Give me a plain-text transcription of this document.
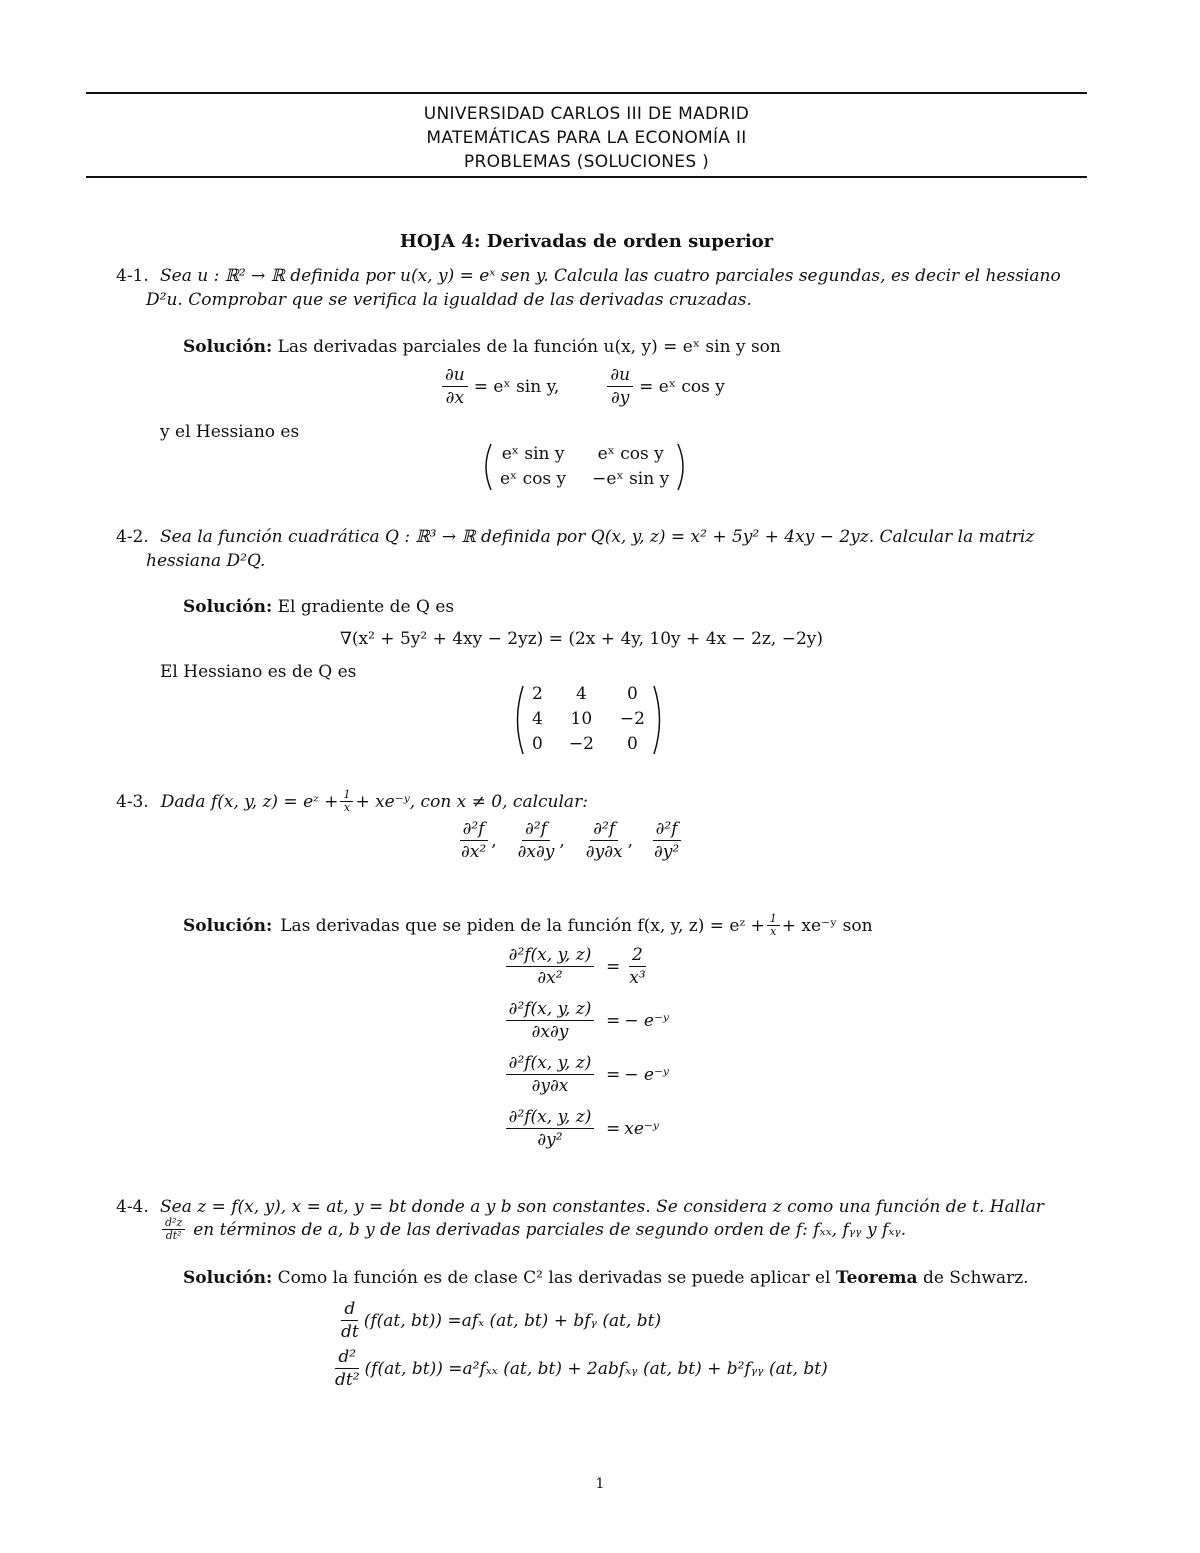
UNIVERSIDAD CARLOS III DE MADRID
MATEMÁTICAS PARA LA ECONOMÍA II
PROBLEMAS (SOLUCIONES )
HOJA 4: Derivadas de orden superior
4-1. Sea u : ℝ² → ℝ definida por u(x, y) = eˣ sen y. Calcula las cuatro parciales segundas, es decir el hessiano
D²u. Comprobar que se verifica la igualdad de las derivadas cruzadas.
Solución: Las derivadas parciales de la función u(x, y) = eˣ sin y son
$\frac{\partial u}{\partial x}$ = eˣ sin y,	$\frac{\partial u}{\partial y}$ = eˣ cos y
y el Hessiano es
eˣ sin y	eˣ cos y
eˣ cos y −eˣ sin y
4-2. Sea la función cuadrática Q : ℝ³ → ℝ definida por Q(x, y, z) = x² + 5y² + 4xy − 2yz. Calcular la matriz
hessiana D²Q.
Solución: El gradiente de Q es
∇(x² + 5y² + 4xy − 2yz) = (2x + 4y, 10y + 4x − 2z, −2y)
El Hessiano es de Q es
2	4	0
4 10 −2
0 −2	0
4-3. Dada f(x, y, z) = eᶻ + $\frac{1}{x}$ + xe⁻ʸ, con x ≠ 0, calcular:
$\frac{\text{∂²f}}{\text{∂x²}}$ , $\frac{\text{∂²f}}{\partial x\partial y}$ , $\frac{\text{∂²f}}{\partial y\partial x}$ , $\frac{\text{∂²f}}{\text{∂y²}}$
Solución: Las derivadas que se piden de la función f(x, y, z) = eᶻ + $\frac{1}{x}$ + xe⁻ʸ son
$\frac{\text{∂²f(x, y, z)}}{\text{∂x²}} = \frac{2}{\text{x³}}$
$\frac{\text{∂²f(x, y, z)}}{\partial x\partial y}$ = − e⁻ʸ
$\frac{\text{∂²f(x, y, z)}}{\partial y\partial x}$ = − e⁻ʸ
$\frac{\text{∂²f(x, y, z)}}{\text{∂y²}}$ = xe⁻ʸ
4-4. Sea z = f(x, y), x = at, y = bt donde a y b son constantes. Se considera z como una función de t. Hallar
$\frac{\text{d²z}}{\text{dt²}}$ en términos de a, b y de las derivadas parciales de segundo orden de f: fₓₓ, fᵧᵧ y fₓᵧ.
Solución: Como la función es de clase C² las derivadas se puede aplicar el Teorema de Schwarz.
$\frac{d}{dt} (f(at$, bt)) = afₓ (at, bt) + bfᵧ (at, bt)
$\frac{\text{d²}}{\text{dt²}} (f(at$, bt)) = a²fₓₓ (at, bt) + 2abfₓᵧ (at, bt) + b²fᵧᵧ (at, bt)
1
